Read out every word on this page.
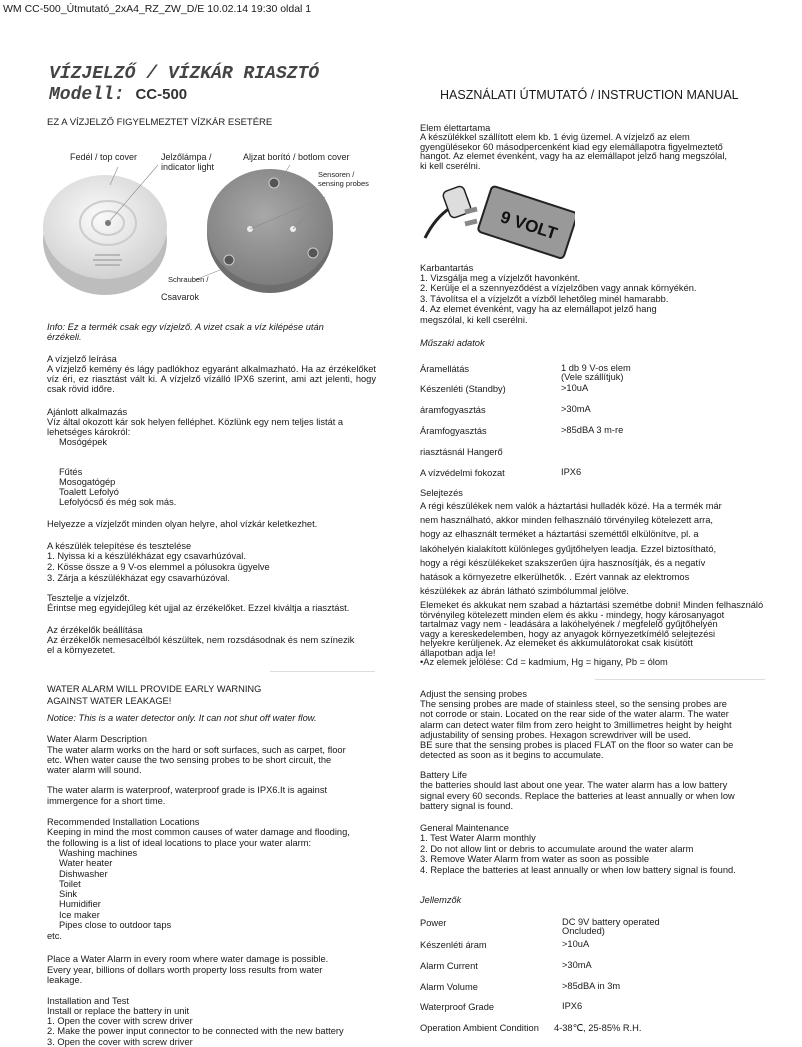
WM CC-500_Útmutató_2xA4_RZ_ZW_D/E 10.02.14 19:30 oldal 1
VÍZJELZŐ / VÍZKÁR RIASZTÓ
Modell: CC-500	HASZNÁLATI ÚTMUTATÓ / INSTRUCTION MANUAL
EZ A VÍZJELZŐ FIGYELMEZTET VÍZKÁR ESETÉRE
Fedél / top cover	Jelzőlámpa /
indicator light
Aljzat borító / botlom cover
Sensoren /
sensing probes
Schrauben /
Csavarok
Info: Ez a termék csak egy vízjelző. A vizet csak a víz kilépése után
érzékeli.
A vízjelző leírása
A vízjelző kemény és lágy padlókhoz egyaránt alkalmazható. Ha az érzékelőket víz éri, ez riasztást vált ki. A vízjelző vízálló IPX6 szerint, ami azt jelenti, hogy csak rövid időre.
Ajánlott alkalmazás
Víz által okozott kár sok helyen felléphet. Közlünk egy nem teljes listát a
lehetséges károkról:
Mosógépek
Fűtés
Mosogatógép
Toalett Lefolyó
Lefolyócső és még sok más.
Helyezze a vízjelzőt minden olyan helyre, ahol vízkár keletkezhet.
A készülék telepítése és tesztelése
1. Nyissa ki a készülékházat egy csavarhúzóval.
2. Kösse össze a 9 V-os elemmel a pólusokra ügyelve
3. Zárja a készülékházat egy csavarhúzóval.
Tesztelje a vízjelzőt.
Érintse meg egyidejűleg két ujjal az érzékelőket. Ezzel kiváltja a riasztást.
Az érzékelők beállítása
Az érzékelők nemesacélból készültek, nem rozsdásodnak és nem színezik
el a környezetet.
WATER ALARM WILL PROVIDE EARLY WARNING
AGAINST WATER LEAKAGE!
Notice: This is a water detector only. It can not shut off water flow.
Water Alarm Description
The water alarm works on the hard or soft surfaces, such as carpet, floor
etc. When water cause the two sensing probes to be short circuit, the
water alarm will sound.
The water alarm is waterproof, waterproof grade is IPX6.It is against
immergence for a short time.
Recommended Installation Locations
Keeping in mind the most common causes of water damage and flooding,
the following is a list of ideal locations to place your water alarm:
Washing machines
Water heater
Dishwasher
Toilet
Sink
Humidifier
Ice maker
Pipes close to outdoor taps
etc.
Place a Water Alarm in every room where water damage is possible.
Every year, billions of dollars worth property loss results from water
leakage.
Installation and Test
Install or replace the battery in unit
1. Open the cover with screw driver
2. Make the power input connector to be connected with the new battery
3. Open the cover with screw driver
Elem élettartama
A készülékkel szállított elem kb. 1 évig üzemel. A vízjelző az elem
gyengülésekor 60 másodpercenként kiad egy elemállapotra figyelmeztető
hangot. Az elemet évenként, vagy ha az elemállapot jelző hang megszólal,
ki kell cserélni.
9 VOLT
Karbantartás
1. Vizsgálja meg a vízjelzőt havonként.
2. Kerülje el a szennyeződést a vízjelzőben vagy annak környékén.
3. Távolítsa el a vízjelzőt a vízből lehetőleg minél hamarabb.
4. Az elemet évenként, vagy ha az elemállapot jelző hang
megszólal, ki kell cserélni.
Műszaki adatok
Áramellátás	1 db 9 V-os elem
(Vele szállítjuk)
Készenléti (Standby)	>10uA
áramfogyasztás	>30mA
Áramfogyasztás	>85dBA 3 m-re
riasztásnál Hangerő
A vízvédelmi fokozat	IPX6
Selejtezés
A régi készülékek nem valók a háztartási hulladék közé. Ha a termék már
nem használható, akkor minden felhasználó törvényileg kötelezett arra,
hogy az elhasznált terméket a háztartási szeméttől elkülönítve, pl. a
lakóhelyén kialakított különleges gyűjtőhelyen leadja. Ezzel biztosítható,
hogy a régi készülékeket szakszerűen újra hasznosítják, és a negatív
hatások a környezetre elkerülhetők. . Ezért vannak az elektromos
készülékek az ábrán látható szimbólummal jelölve.
Elemeket és akkukat nem szabad a háztartási szemétbe dobni! Minden felhasználó
törvényileg kötelezett minden elem és akku - mindegy, hogy károsanyagot
tartalmaz vagy nem - leadására a lakóhelyének / megfelelő gyűjtőhelyén
vagy a kereskedelemben, hogy az anyagok környezetkímélő selejtezési
helyekre kerüljenek. Az elemeket és akkumulátorokat csak kisütött
állapotban adja le!
•Az elemek jelölése: Cd = kadmium, Hg = higany, Pb = ólom
Adjust the sensing probes
The sensing probes are made of stainless steel, so the sensing probes are
not corrode or stain. Located on the rear side of the water alarm. The water
alarm can detect water film from zero height to 3millimetres height by height
adjustability of sensing probes. Hexagon screwdriver will be used.
BE sure that the sensing probes is placed FLAT on the floor so water can be
detected as soon as it begins to accumulate.
Battery Life
the batteries should last about one year. The water alarm has a low battery
signal every 60 seconds. Replace the batteries at least annually or when low
battery signal is found.
General Maintenance
1. Test Water Alarm monthly
2. Do not allow lint or debris to accumulate around the water alarm
3. Remove Water Alarm from water as soon as possible
4. Replace the batteries at least annually or when low battery signal is found.
Jellemzők
Power	DC 9V battery operated
Oncluded)
Készenléti áram	>10uA
Alarm Current	>30mA
Alarm Volume	>85dBA in 3m
Waterproof Grade	IPX6
Operation Ambient Condition 4-38℃, 25-85% R.H.
